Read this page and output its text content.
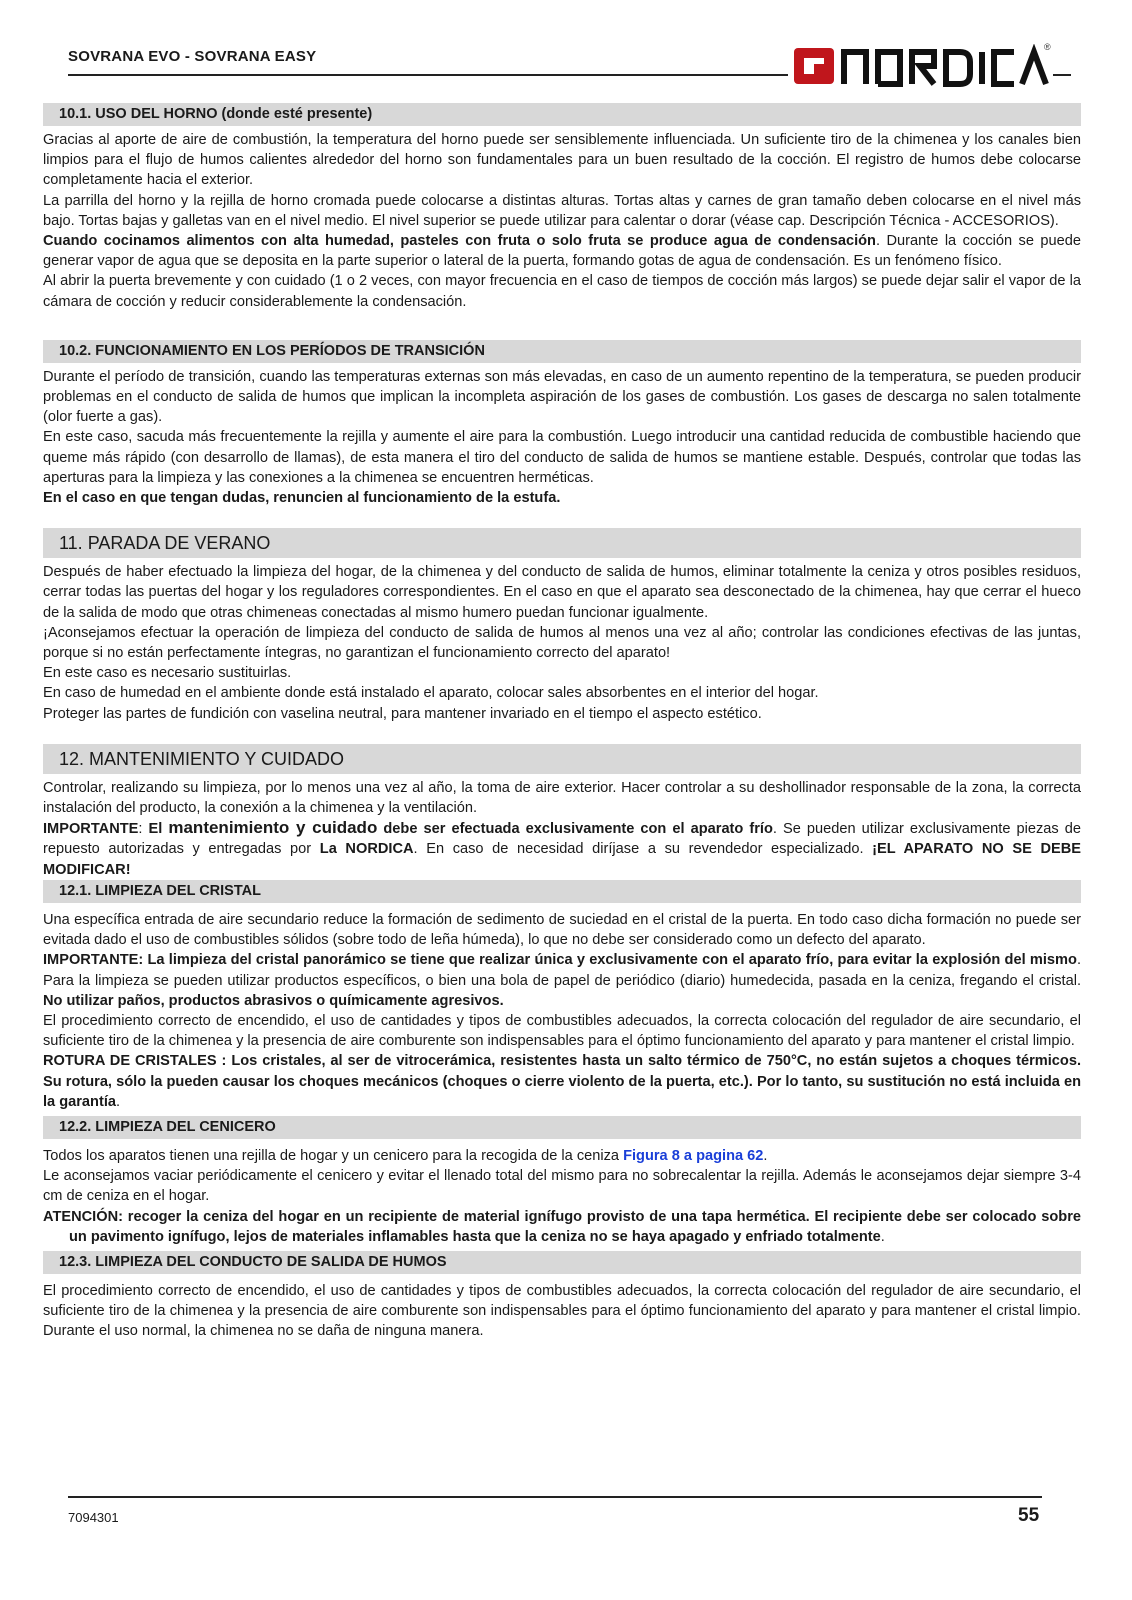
SOVRANA EVO - SOVRANA EASY
®
10.1. USO DEL HORNO (donde esté presente)

Gracias al aporte de aire de combustión, la temperatura del horno puede ser sensiblemente influenciada. Un suficiente tiro de la chimenea y los canales bien limpios para el flujo de humos calientes alrededor del horno son fundamentales para un buen resultado de la cocción. El registro de humos debe colocarse completamente hacia el exterior.

La parrilla del horno y la rejilla de horno cromada puede colocarse a distintas alturas. Tortas altas y carnes de gran tamaño deben colocarse en el nivel más bajo. Tortas bajas y galletas van en el nivel medio. El nivel superior se puede utilizar para calentar o dorar (véase cap. Descripción Técnica - ACCESORIOS).

Cuando cocinamos alimentos con alta humedad, pasteles con fruta o solo fruta se produce agua de condensación. Durante la cocción se puede generar vapor de agua que se deposita en la parte superior o lateral de la puerta, formando gotas de agua de condensación. Es un fenómeno físico.

Al abrir la puerta brevemente y con cuidado (1 o 2 veces, con mayor frecuencia en el caso de tiempos de cocción más largos) se puede dejar salir el vapor de la cámara de cocción y reducir considerablemente la condensación.

10.2. FUNCIONAMIENTO EN LOS PERÍODOS DE TRANSICIÓN

Durante el período de transición, cuando las temperaturas externas son más elevadas, en caso de un aumento repentino de la temperatura, se pueden producir problemas en el conducto de salida de humos que implican la incompleta aspiración de los gases de combustión. Los gases de descarga no salen totalmente (olor fuerte a gas).

En este caso, sacuda más frecuentemente la rejilla y aumente el aire para la combustión. Luego introducir una cantidad reducida de combustible haciendo que queme más rápido (con desarrollo de llamas), de esta manera el tiro del conducto de salida de humos se mantiene estable. Después, controlar que todas las aperturas para la limpieza y las conexiones a la chimenea se encuentren herméticas.

En el caso en que tengan dudas, renuncien al funcionamiento de la estufa.

11. PARADA DE VERANO

Después de haber efectuado la limpieza del hogar, de la chimenea y del conducto de salida de humos, eliminar totalmente la ceniza y otros posibles residuos, cerrar todas las puertas del hogar y los reguladores correspondientes. En el caso en que el aparato sea desconectado de la chimenea, hay que cerrar el hueco de la salida de modo que otras chimeneas conectadas al mismo humero puedan funcionar igualmente.

¡Aconsejamos efectuar la operación de limpieza del conducto de salida de humos al menos una vez al año; controlar las condiciones efectivas de las juntas, porque si no están perfectamente íntegras, no garantizan el funcionamiento correcto del aparato!

En este caso es necesario sustituirlas.

En caso de humedad en el ambiente donde está instalado el aparato, colocar sales absorbentes en el interior del hogar.

Proteger las partes de fundición con vaselina neutral, para mantener invariado en el tiempo el aspecto estético.

12. MANTENIMIENTO Y CUIDADO

Controlar, realizando su limpieza, por lo menos una vez al año, la toma de aire exterior. Hacer controlar a su deshollinador responsable de la zona, la correcta instalación del producto, la conexión a la chimenea y la ventilación.

IMPORTANTE: El mantenimiento y cuidado debe ser efectuada exclusivamente con el aparato frío. Se pueden utilizar exclusivamente piezas de repuesto autorizadas y entregadas por La NORDICA. En caso de necesidad diríjase a su revendedor especializado. ¡EL APARATO NO SE DEBE MODIFICAR!

12.1. LIMPIEZA DEL CRISTAL

Una específica entrada de aire secundario reduce la formación de sedimento de suciedad en el cristal de la puerta. En todo caso dicha formación no puede ser evitada dado el uso de combustibles sólidos (sobre todo de leña húmeda), lo que no debe ser considerado como un defecto del aparato.

IMPORTANTE: La limpieza del cristal panorámico se tiene que realizar única y exclusivamente con el aparato frío, para evitar la explosión del mismo. Para la limpieza se pueden utilizar productos específicos, o bien una bola de papel de periódico (diario) humedecida, pasada en la ceniza, fregando el cristal. No utilizar paños, productos abrasivos o químicamente agresivos.

El procedimiento correcto de encendido, el uso de cantidades y tipos de combustibles adecuados, la correcta colocación del regulador de aire secundario, el suficiente tiro de la chimenea y la presencia de aire comburente son indispensables para el óptimo funcionamiento del aparato y para mantener el cristal limpio.

ROTURA DE CRISTALES : Los cristales, al ser de vitrocerámica, resistentes hasta un salto térmico de 750°C, no están sujetos a choques térmicos. Su rotura, sólo la pueden causar los choques mecánicos (choques o cierre violento de la puerta, etc.). Por lo tanto, su sustitución no está incluida en la garantía.

12.2. LIMPIEZA DEL CENICERO

Todos los aparatos tienen una rejilla de hogar y un cenicero para la recogida de la ceniza Figura 8 a pagina 62.

Le aconsejamos vaciar periódicamente el cenicero y evitar el llenado total del mismo para no sobrecalentar la rejilla. Además le aconsejamos dejar siempre 3-4 cm de ceniza en el hogar.

ATENCIÓN: recoger la ceniza del hogar en un recipiente de material ignífugo provisto de una tapa hermética. El recipiente debe ser colocado sobre un pavimento ignífugo, lejos de materiales inflamables hasta que la ceniza no se haya apagado y enfriado totalmente.

12.3. LIMPIEZA DEL CONDUCTO DE SALIDA DE HUMOS

El procedimiento correcto de encendido, el uso de cantidades y tipos de combustibles adecuados, la correcta colocación del regulador de aire secundario, el suficiente tiro de la chimenea y la presencia de aire comburente son indispensables para el óptimo funcionamiento del aparato y para mantener el cristal limpio. Durante el uso normal, la chimenea no se daña de ninguna manera.

7094301	55
